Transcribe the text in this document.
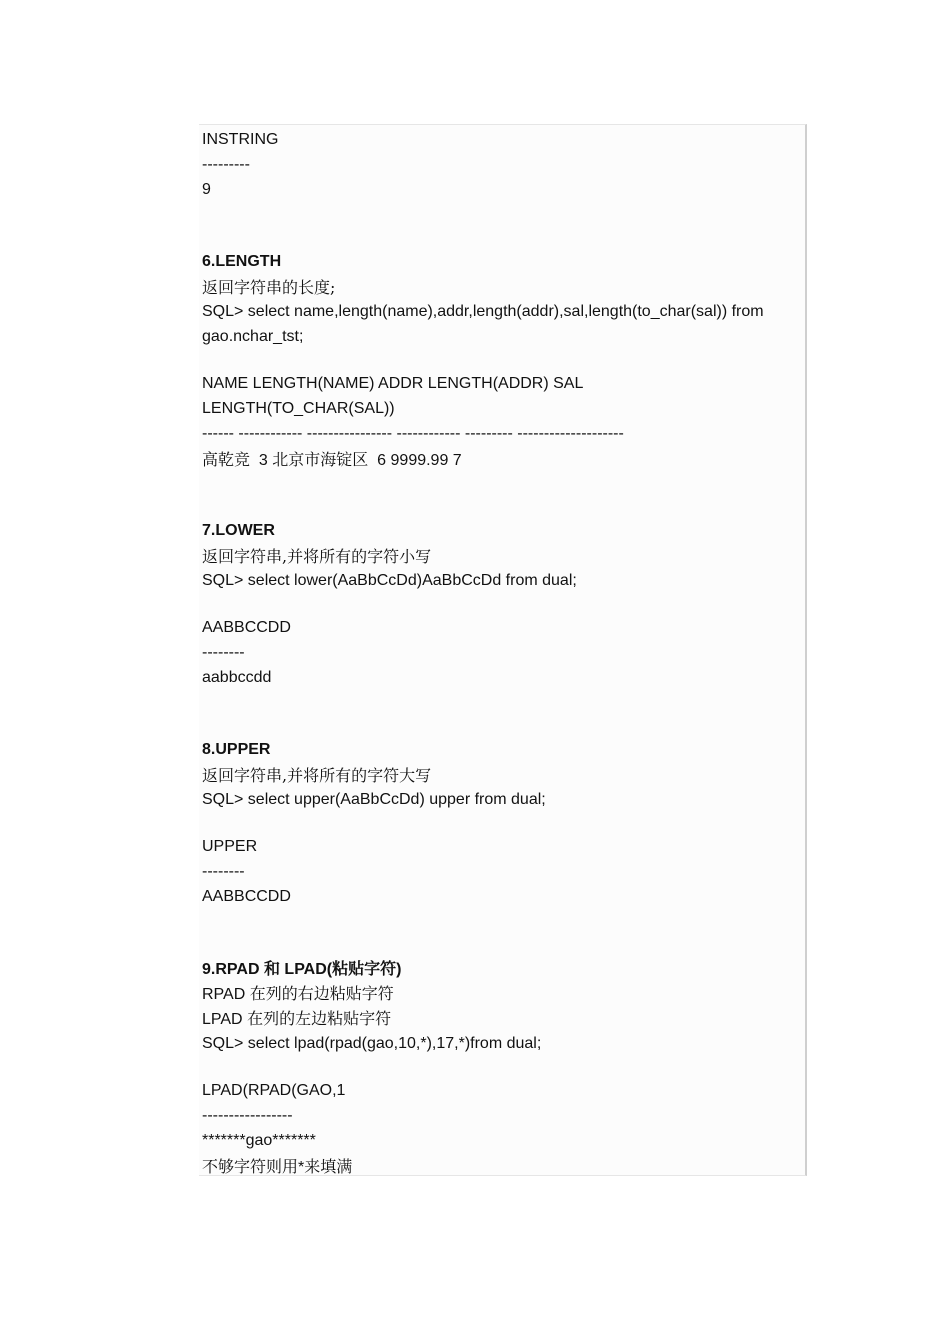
INSTRING
---------
9
6.LENGTH
返回字符串的长度;
SQL> select name,length(name),addr,length(addr),sal,length(to_char(sal)) from
gao.nchar_tst;
NAME LENGTH(NAME) ADDR LENGTH(ADDR) SAL
LENGTH(TO_CHAR(SAL))
------ ------------ ---------------- ------------ --------- --------------------
高乾竞 3 北京市海锭区 6 9999.99 7
7.LOWER
返回字符串,并将所有的字符小写
SQL> select lower(AaBbCcDd)AaBbCcDd from dual;
AABBCCDD
--------
aabbccdd
8.UPPER
返回字符串,并将所有的字符大写
SQL> select upper(AaBbCcDd) upper from dual;
UPPER
--------
AABBCCDD
9.RPAD 和 LPAD(粘贴字符)
RPAD 在列的右边粘贴字符
LPAD 在列的左边粘贴字符
SQL> select lpad(rpad(gao,10,*),17,*)from dual;
LPAD(RPAD(GAO,1
-----------------
*******gao*******
不够字符则用*来填满
